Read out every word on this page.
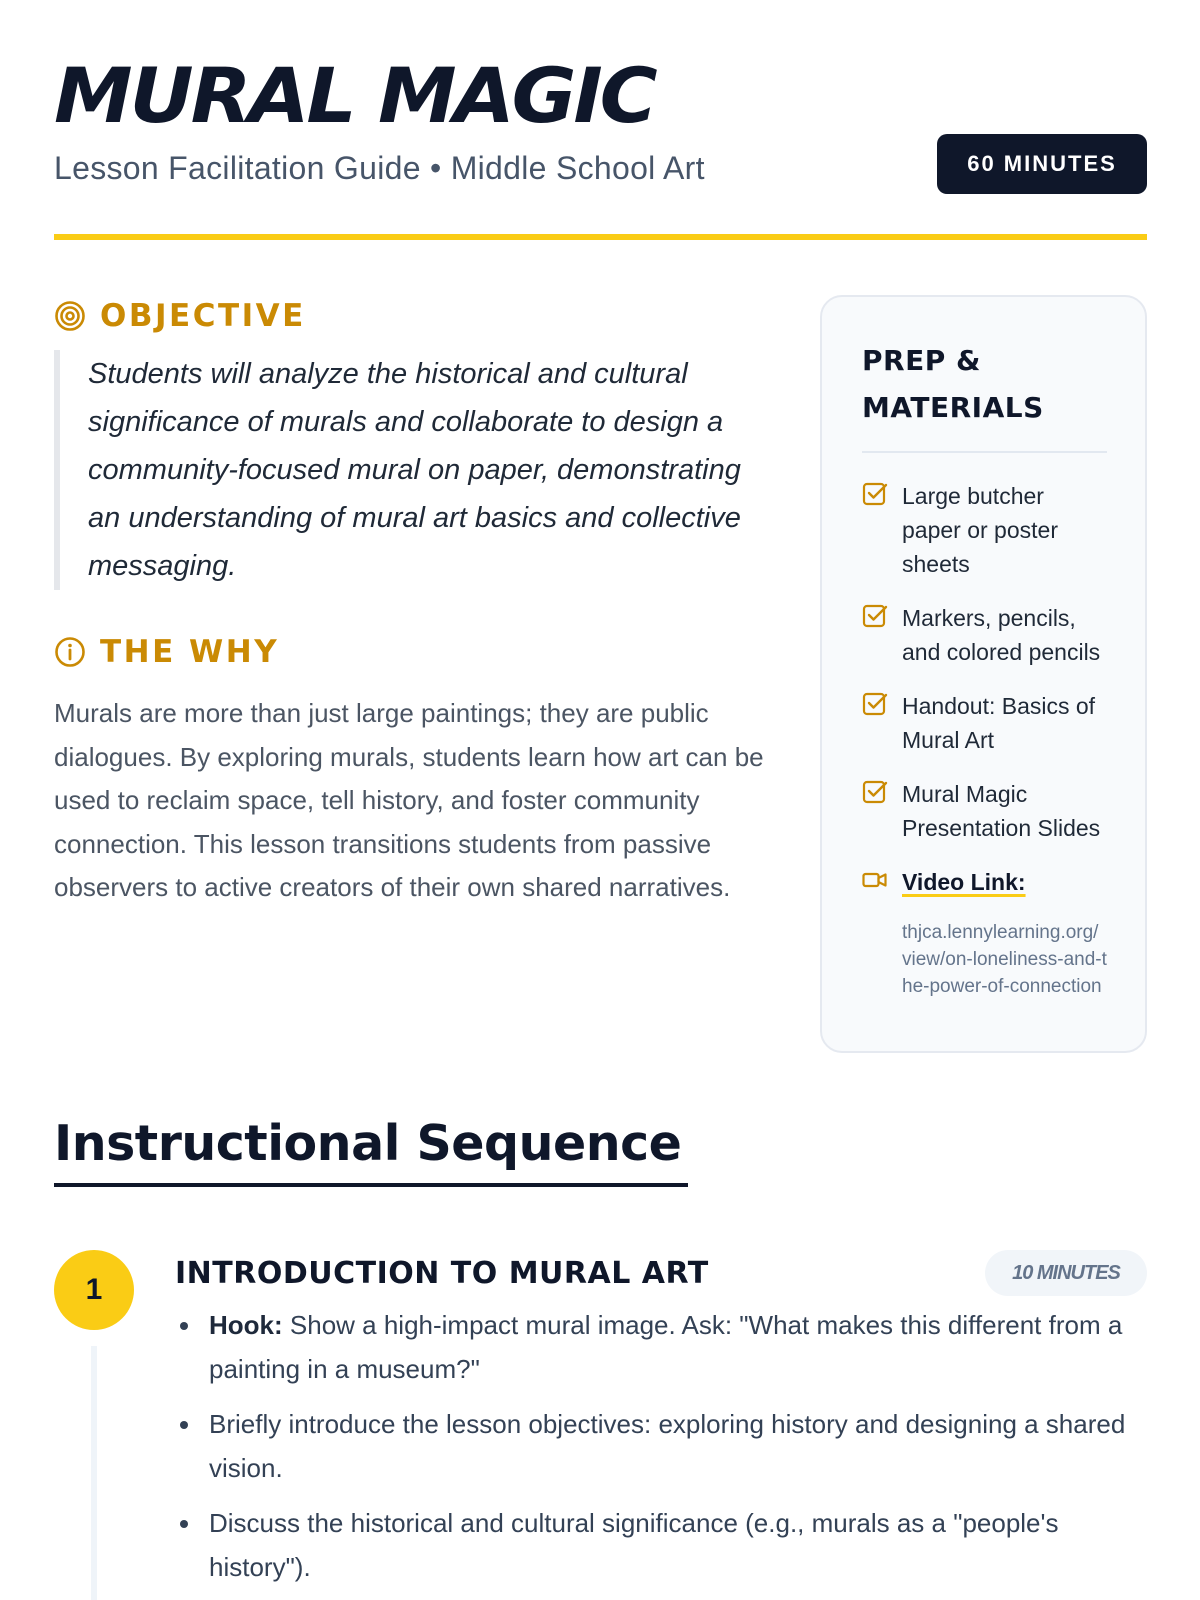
MURAL MAGIC
Lesson Facilitation Guide • Middle School Art	60 MINUTES
OBJECTIVE
Students will analyze the historical and cultural significance of murals and collaborate to design a community-focused mural on paper, demonstrating an understanding of mural art basics and collective messaging.
THE WHY
Murals are more than just large paintings; they are public dialogues. By exploring murals, students learn how art can be used to reclaim space, tell history, and foster community connection. This lesson transitions students from passive observers to active creators of their own shared narratives.
PREP & MATERIALS
Large butcher paper or poster sheets
Markers, pencils, and colored pencils
Handout: Basics of Mural Art
Mural Magic Presentation Slides
Video Link:
thjca.lennylearning.org/view/on-loneliness-and-the-power-of-connection
Instructional Sequence
1	INTRODUCTION TO MURAL ART	10 MINUTES
Hook: Show a high-impact mural image. Ask: "What makes this different from a painting in a museum?"
Briefly introduce the lesson objectives: exploring history and designing a shared vision.
Discuss the historical and cultural significance (e.g., murals as a "people's history").
